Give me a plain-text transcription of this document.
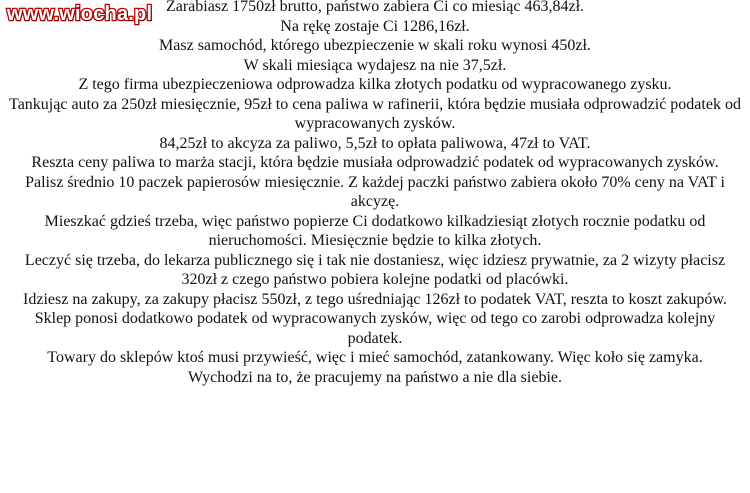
www.wiocha.pl Zarabiasz 1750zł brutto, państwo zabiera Ci co miesiąc 463,84zł.

Na rękę zostaje Ci 1286,16zł.

Masz samochód, którego ubezpieczenie w skali roku wynosi 450zł.

W skali miesiąca wydajesz na nie 37,5zł.

Z tego firma ubezpieczeniowa odprowadza kilka złotych podatku od wypracowanego zysku.

Tankując auto za 250zł miesięcznie, 95zł to cena paliwa w rafinerii, która będzie musiała odprowadzić podatek od wypracowanych zysków.

84,25zł to akcyza za paliwo, 5,5zł to opłata paliwowa, 47zł to VAT.

Reszta ceny paliwa to marża stacji, która będzie musiała odprowadzić podatek od wypracowanych zysków.

Palisz średnio 10 paczek papierosów miesięcznie. Z każdej paczki państwo zabiera około 70% ceny na VAT i akcyzę.

Mieszkać gdzieś trzeba, więc państwo popierze Ci dodatkowo kilkadziesiąt złotych rocznie podatku od nieruchomości. Miesięcznie będzie to kilka złotych.

Leczyć się trzeba, do lekarza publicznego się i tak nie dostaniesz, więc idziesz prywatnie, za 2 wizyty płacisz 320zł z czego państwo pobiera kolejne podatki od placówki.

Idziesz na zakupy, za zakupy płacisz 550zł, z tego uśredniając 126zł to podatek VAT, reszta to koszt zakupów.

Sklep ponosi dodatkowo podatek od wypracowanych zysków, więc od tego co zarobi odprowadza kolejny podatek.

Towary do sklepów ktoś musi przywieść, więc i mieć samochód, zatankowany. Więc koło się zamyka.

Wychodzi na to, że pracujemy na państwo a nie dla siebie.
